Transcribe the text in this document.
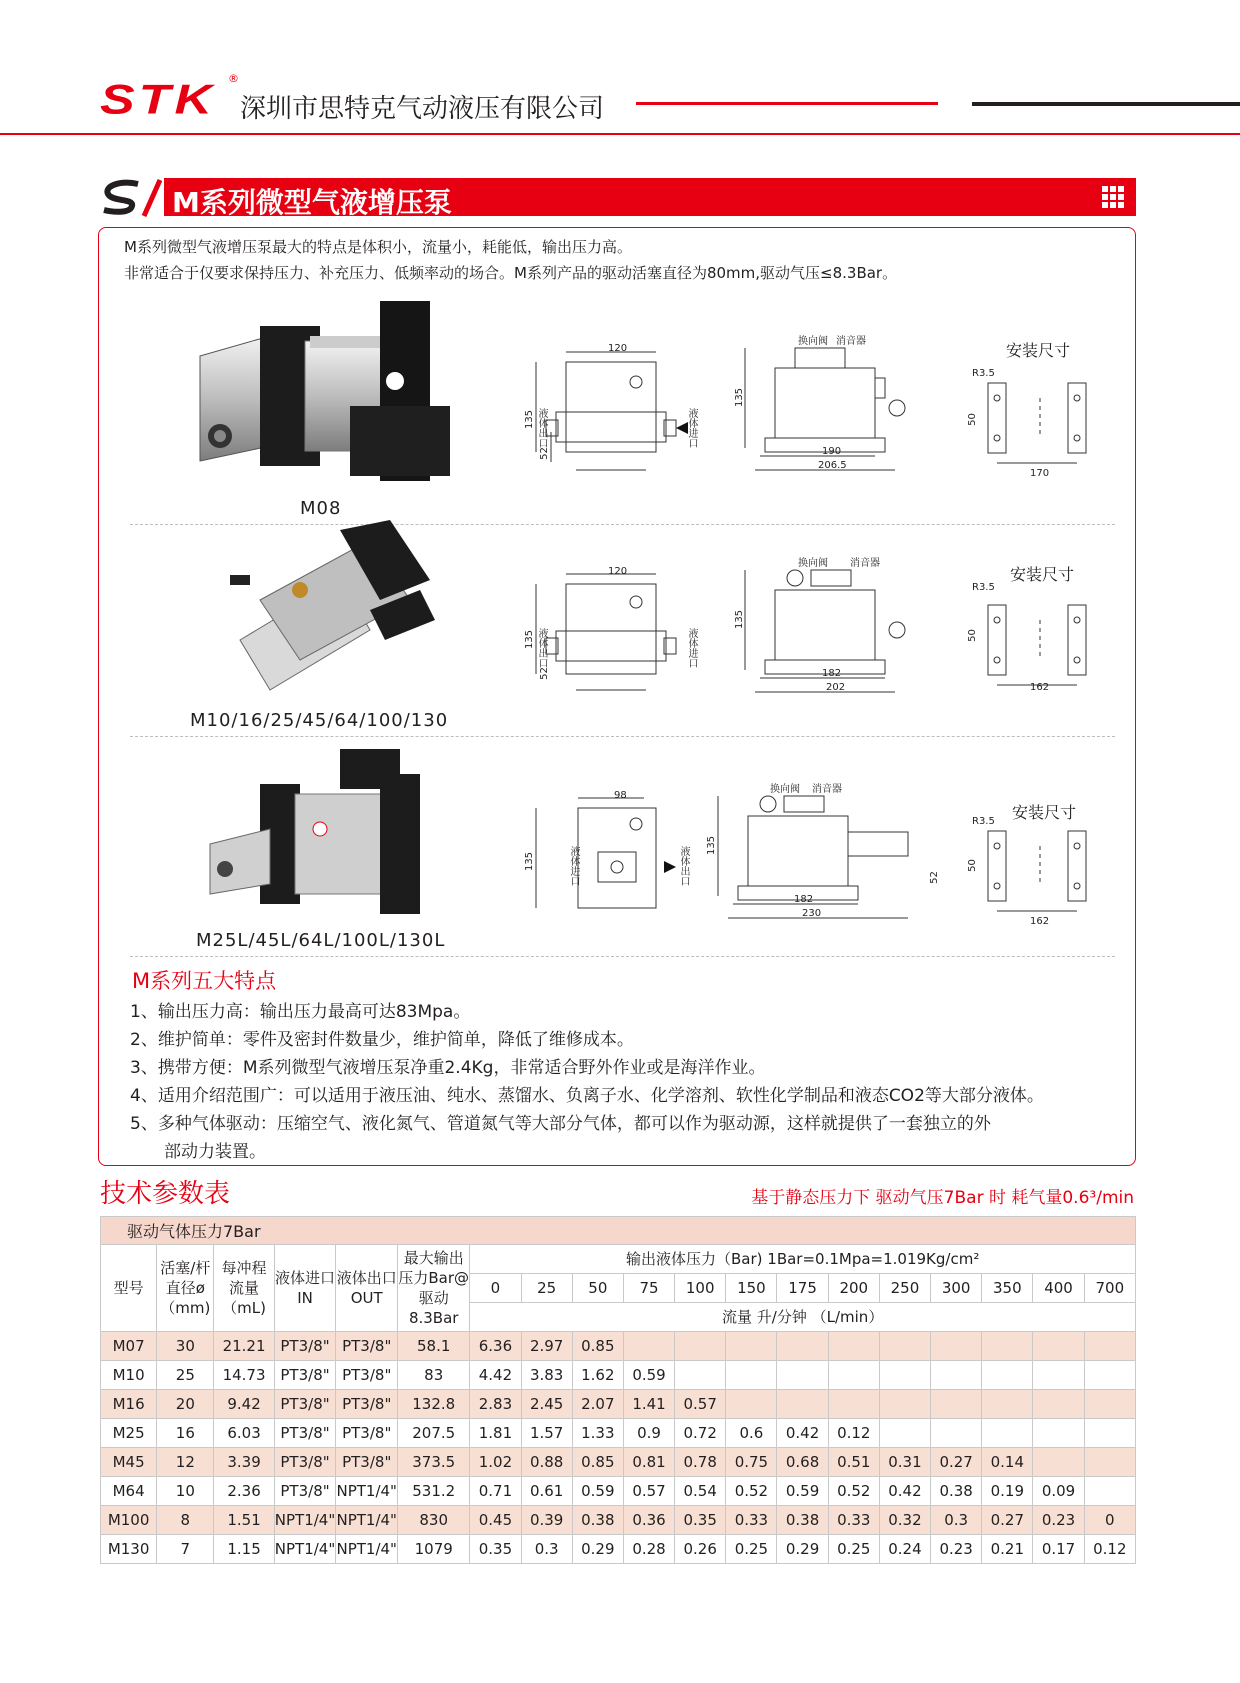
STK ®
深圳市思特克气动液压有限公司
M系列微型气液增压泵
M系列微型气液增压泵最大的特点是体积小，流量小，耗能低，输出压力高。
非常适合于仅要求保持压力、补充压力、低频率动的场合。M系列产品的驱动活塞直径为80mm,驱动气压≤8.3Bar。
M08
120
135
52
液体出口	液体进口
换向阀 消音器
135
190
206.5
安装尺寸
R3.5
50
170
M10/16/25/45/64/100/130
120
135
52
液体出口	液体进口
换向阀 消音器
135
182
202
安装尺寸
R3.5
50
162
M25L/45L/64L/100L/130L
98
135	液体进口	液体出口
换向阀 消音器
135
52
182
230
安装尺寸
R3.5
50
162
M系列五大特点
1、输出压力高：输出压力最高可达83Mpa。
2、维护简单：零件及密封件数量少，维护简单，降低了维修成本。
3、携带方便：M系列微型气液增压泵净重2.4Kg，非常适合野外作业或是海洋作业。
4、适用介绍范围广：可以适用于液压油、纯水、蒸馏水、负离子水、化学溶剂、软性化学制品和液态CO2等大部分液体。
5、多种气体驱动：压缩空气、液化氮气、管道氮气等大部分气体，都可以作为驱动源，这样就提供了一套独立的外
部动力装置。
技术参数表	基于静态压力下 驱动气压7Bar 时 耗气量0.6³/min
驱动气体压力7Bar																		
型号	活塞/杆直径ø（mm)	每冲程流量（mL)	液体进口IN	液体出口OUT	最大输出压力Bar@驱动8.3Bar	输出液体压力（Bar) 1Bar=0.1Mpa=1.019Kg/cm²												
						0	25	50	75	100	150	175	200	250	300	350	400	700
						流量 升/分钟 （L/min）												
M07	30	21.21	PT3/8"	PT3/8"	58.1	6.36	2.97	0.85										
M10	25	14.73	PT3/8"	PT3/8"	83	4.42	3.83	1.62	0.59									
M16	20	9.42	PT3/8"	PT3/8"	132.8	2.83	2.45	2.07	1.41	0.57								
M25	16	6.03	PT3/8"	PT3/8"	207.5	1.81	1.57	1.33	0.9	0.72	0.6	0.42	0.12					
M45	12	3.39	PT3/8"	PT3/8"	373.5	1.02	0.88	0.85	0.81	0.78	0.75	0.68	0.51	0.31	0.27	0.14		
M64	10	2.36	PT3/8"	NPT1/4"	531.2	0.71	0.61	0.59	0.57	0.54	0.52	0.59	0.52	0.42	0.38	0.19	0.09	
M100	8	1.51	NPT1/4"	NPT1/4"	830	0.45	0.39	0.38	0.36	0.35	0.33	0.38	0.33	0.32	0.3	0.27	0.23	0
M130	7	1.15	NPT1/4"	NPT1/4"	1079	0.35	0.3	0.29	0.28	0.26	0.25	0.29	0.25	0.24	0.23	0.21	0.17	0.12
